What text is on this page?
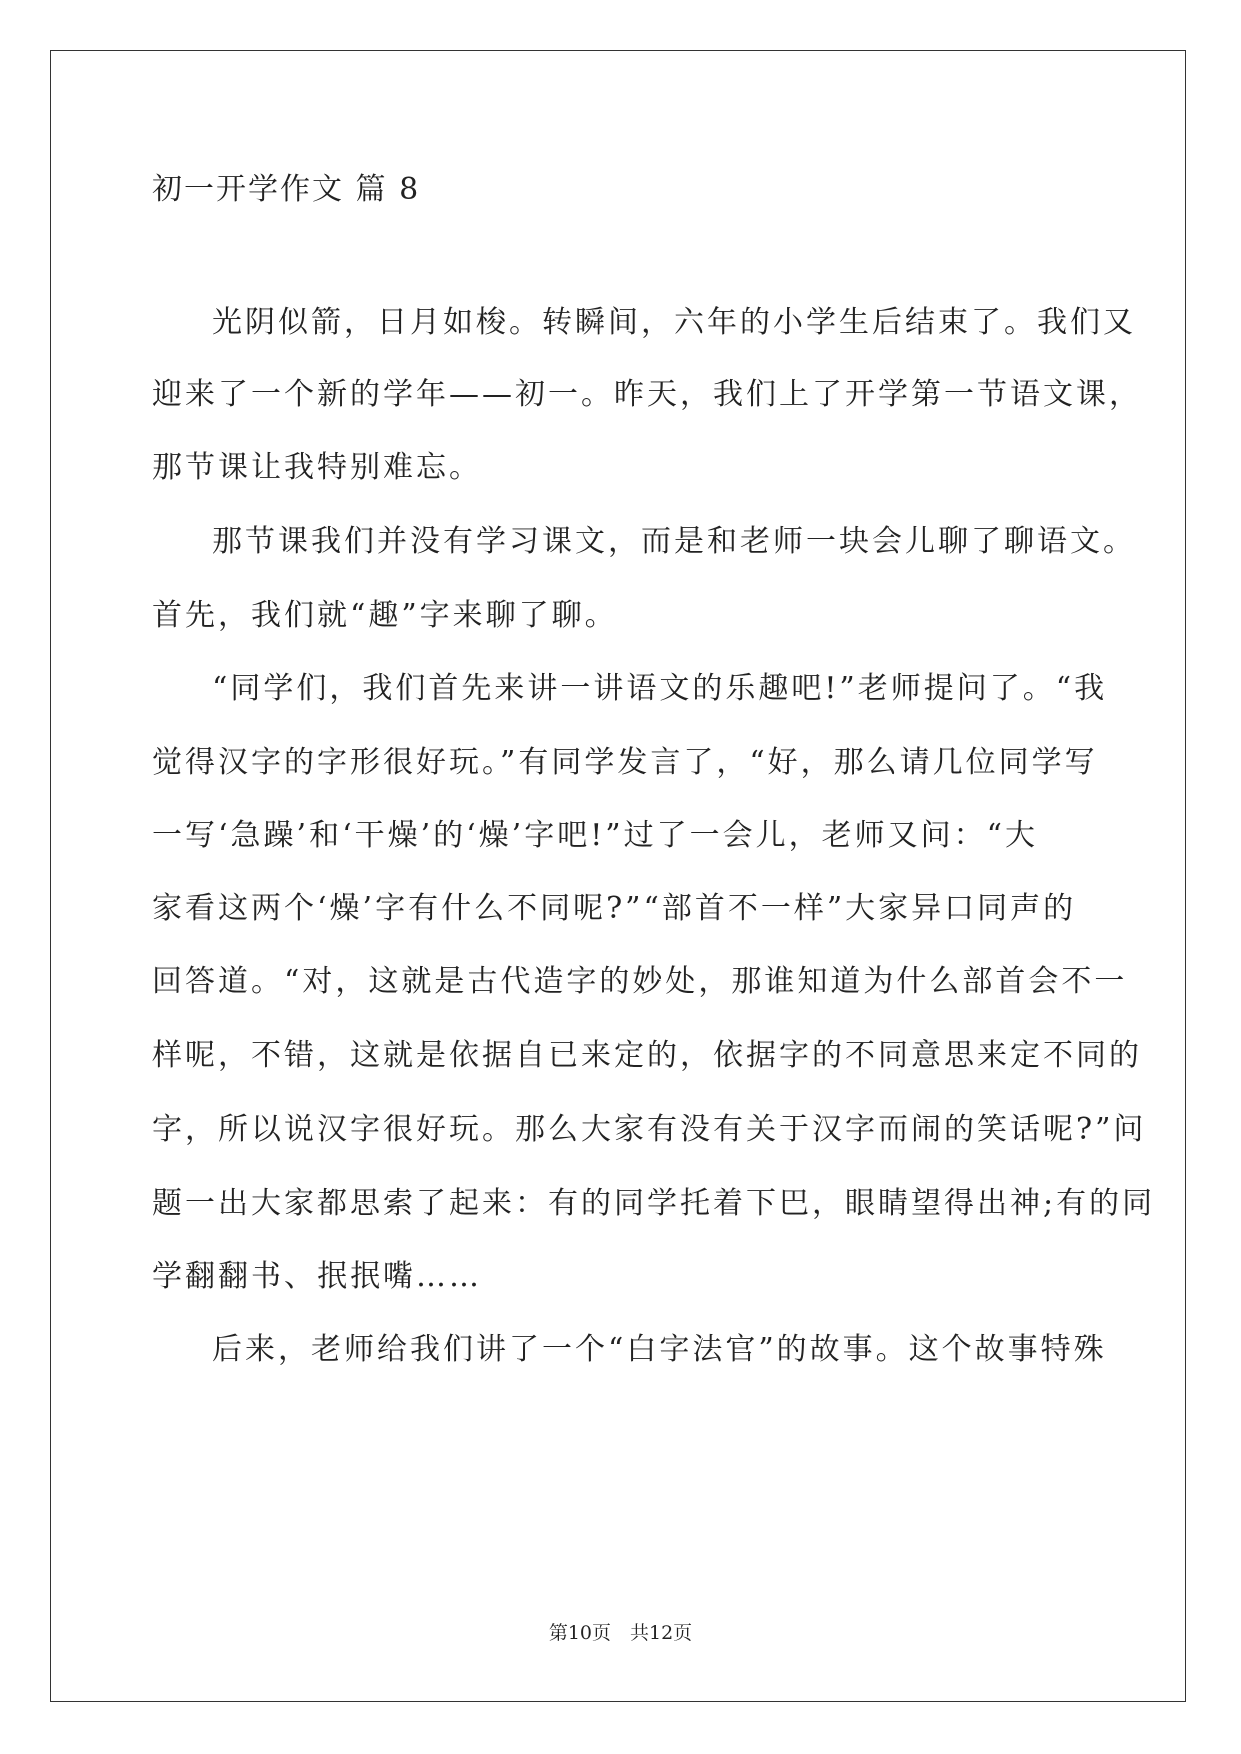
初一开学作文 篇 8
光阴似箭，日月如梭。转瞬间，六年的小学生后结束了。我们又
迎来了一个新的学年——初一。昨天，我们上了开学第一节语文课，
那节课让我特别难忘。
那节课我们并没有学习课文，而是和老师一块会儿聊了聊语文。
首先，我们就“趣”字来聊了聊。
“同学们，我们首先来讲一讲语文的乐趣吧!”老师提问了。“我
觉得汉字的字形很好玩。”有同学发言了，“好，那么请几位同学写
一写‘急躁’和‘干燥’的‘燥’字吧!”过了一会儿，老师又问：“大
家看这两个‘燥’字有什么不同呢?”“部首不一样”大家异口同声的
回答道。“对，这就是古代造字的妙处，那谁知道为什么部首会不一
样呢，不错，这就是依据自已来定的，依据字的不同意思来定不同的
字，所以说汉字很好玩。那么大家有没有关于汉字而闹的笑话呢?”问
题一出大家都思索了起来：有的同学托着下巴，眼睛望得出神;有的同
学翻翻书、抿抿嘴……
后来，老师给我们讲了一个“白字法官”的故事。这个故事特殊
第10页　共12页
